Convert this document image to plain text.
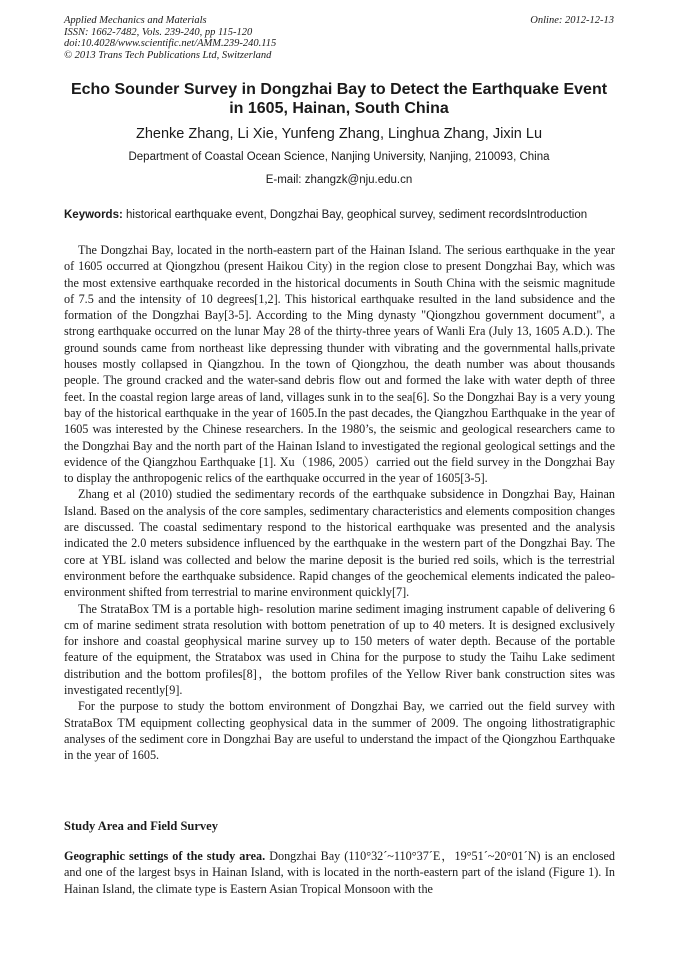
Applied Mechanics and Materials
ISSN: 1662-7482, Vols. 239-240, pp 115-120
doi:10.4028/www.scientific.net/AMM.239-240.115
© 2013 Trans Tech Publications Ltd, Switzerland
Online: 2012-12-13
Echo Sounder Survey in Dongzhai Bay to Detect the Earthquake Event in 1605, Hainan, South China
Zhenke Zhang, Li Xie, Yunfeng Zhang, Linghua Zhang, Jixin Lu
Department of Coastal Ocean Science, Nanjing University, Nanjing, 210093, China
E-mail: zhangzk@nju.edu.cn
Keywords: historical earthquake event, Dongzhai Bay, geophical survey, sediment recordsIntroduction

The Dongzhai Bay, located in the north-eastern part of the Hainan Island. The serious earthquake in the year of 1605 occurred at Qiongzhou (present Haikou City) in the region close to present Dongzhai Bay, which was the most extensive earthquake recorded in the historical documents in South China with the seismic magnitude of 7.5 and the intensity of 10 degrees[1,2]. This historical earthquake resulted in the land subsidence and the formation of the Dongzhai Bay[3-5]. According to the Ming dynasty "Qiongzhou government document", a strong earthquake occurred on the lunar May 28 of the thirty-three years of Wanli Era (July 13, 1605 A.D.). The ground sounds came from northeast like depressing thunder with vibrating and the governmental halls,private houses mostly collapsed in Qiangzhou. In the town of Qiongzhou, the death number was about thousands people. The ground cracked and the water-sand debris flow out and formed the lake with water depth of three feet. In the coastal region large areas of land, villages sunk in to the sea[6]. So the Dongzhai Bay is a very young bay of the historical earthquake in the year of 1605.In the past decades, the Qiangzhou Earthquake in the year of 1605 was interested by the Chinese researchers. In the 1980’s, the seismic and geological researchers came to the Dongzhai Bay and the north part of the Hainan Island to investigated the regional geological settings and the evidence of the Qiangzhou Earthquake [1]. Xu（1986, 2005）carried out the field survey in the Dongzhai Bay to display the anthropogenic relics of the earthquake occurred in the year of 1605[3-5].

Zhang et al (2010) studied the sedimentary records of the earthquake subsidence in Dongzhai Bay, Hainan Island. Based on the analysis of the core samples, sedimentary characteristics and elements composition changes are discussed. The coastal sedimentary respond to the historical earthquake was presented and the analysis indicated the 2.0 meters subsidence influenced by the earthquake in the western part of the Dongzhai Bay. The core at YBL island was collected and below the marine deposit is the buried red soils, which is the terrestrial environment before the earthquake subsidence. Rapid changes of the geochemical elements indicated the paleo-environment shifted from terrestrial to marine environment quickly[7].

The StrataBox TM is a portable high- resolution marine sediment imaging instrument capable of delivering 6 cm of marine sediment strata resolution with bottom penetration of up to 40 meters. It is designed exclusively for inshore and coastal geophysical marine survey up to 150 meters of water depth. Because of the portable feature of the equipment, the Stratabox was used in China for the purpose to study the Taihu Lake sediment distribution and the bottom profiles[8]，the bottom profiles of the Yellow River bank construction sites was investigated recently[9].

For the purpose to study the bottom environment of Dongzhai Bay, we carried out the field survey with StrataBox TM equipment collecting geophysical data in the summer of 2009. The ongoing lithostratigraphic analyses of the sediment core in Dongzhai Bay are useful to understand the impact of the Qiongzhou Earthquake in the year of 1605.

Study Area and Field Survey
Geographic settings of the study area. Dongzhai Bay (110°32´~110°37´E，19°51´~20°01´N) is an enclosed and one of the largest bsys in Hainan Island, with is located in the north-eastern part of the island (Figure 1). In Hainan Island, the climate type is Eastern Asian Tropical Monsoon with the
